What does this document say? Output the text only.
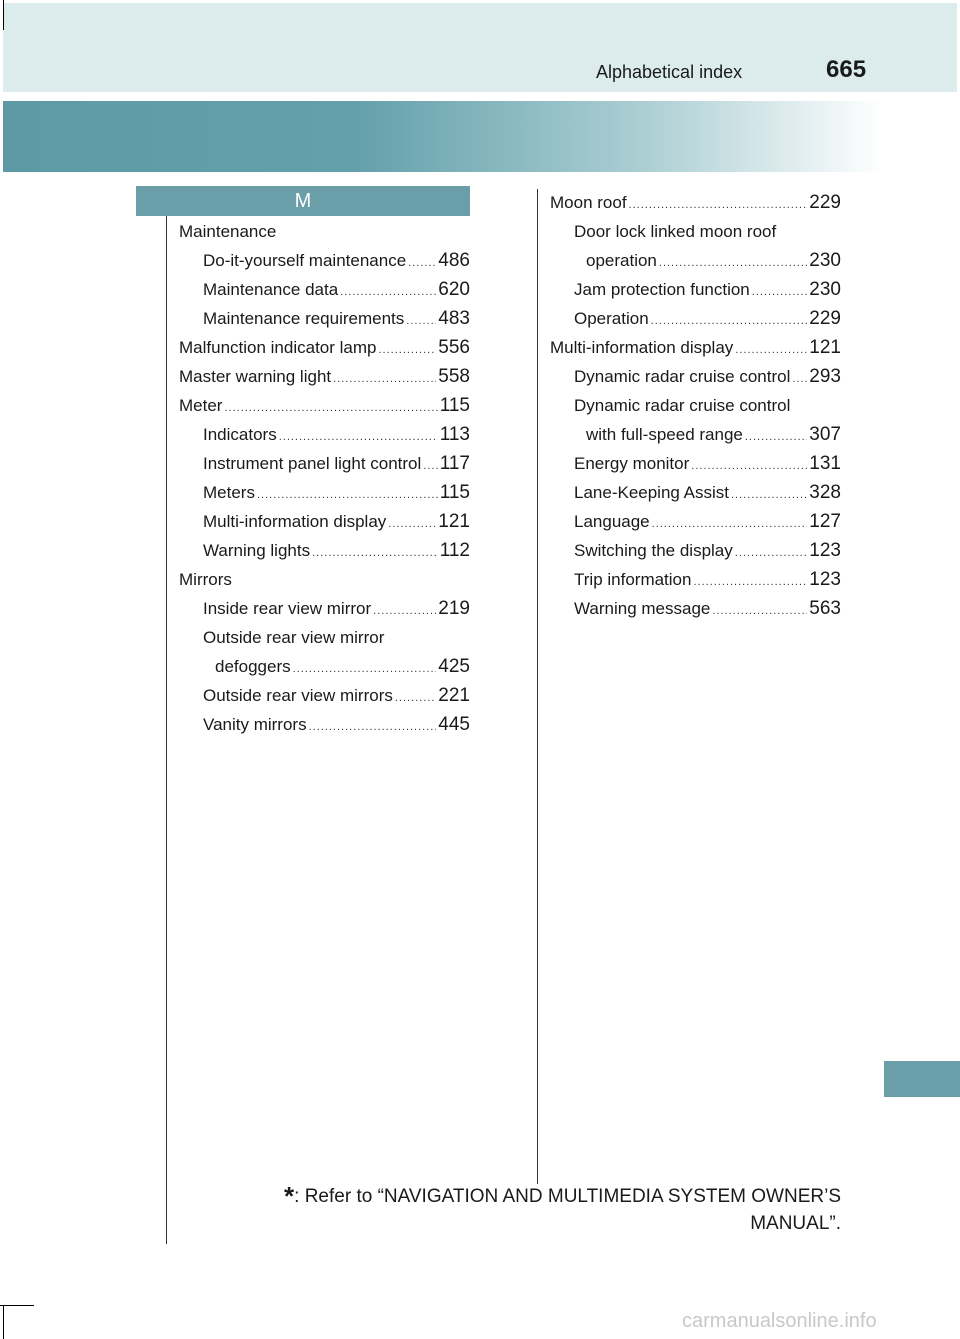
Alphabetical index	665
M
Maintenance
Do-it-yourself maintenance ..... 486
Maintenance data .....	620
Maintenance requirements ..... 483
Malfunction indicator lamp .....	556
Master warning light .....	558
Meter .....	115
Indicators .....	113
Instrument panel light control ..... 117
Meters .....	115
Multi-information display .....	121
Warning lights .....	112
Mirrors
Inside rear view mirror .....	219
Outside rear view mirror
defoggers .....	425
Outside rear view mirrors ..... 221
Vanity mirrors .....	445
Moon roof .....	229
Door lock linked moon roof
operation .....	230
Jam protection function .....	230
Operation .....	229
Multi-information display .....	121
Dynamic radar cruise control ..... 293
Dynamic radar cruise control
with full-speed range .....	307
Energy monitor .....	131
Lane-Keeping Assist .....	328
Language .....	127
Switching the display .....	123
Trip information .....	123
Warning message .....	563
*: Refer to “NAVIGATION AND MULTIMEDIA SYSTEM OWNER’S
MANUAL”.
carmanualsonline.info
